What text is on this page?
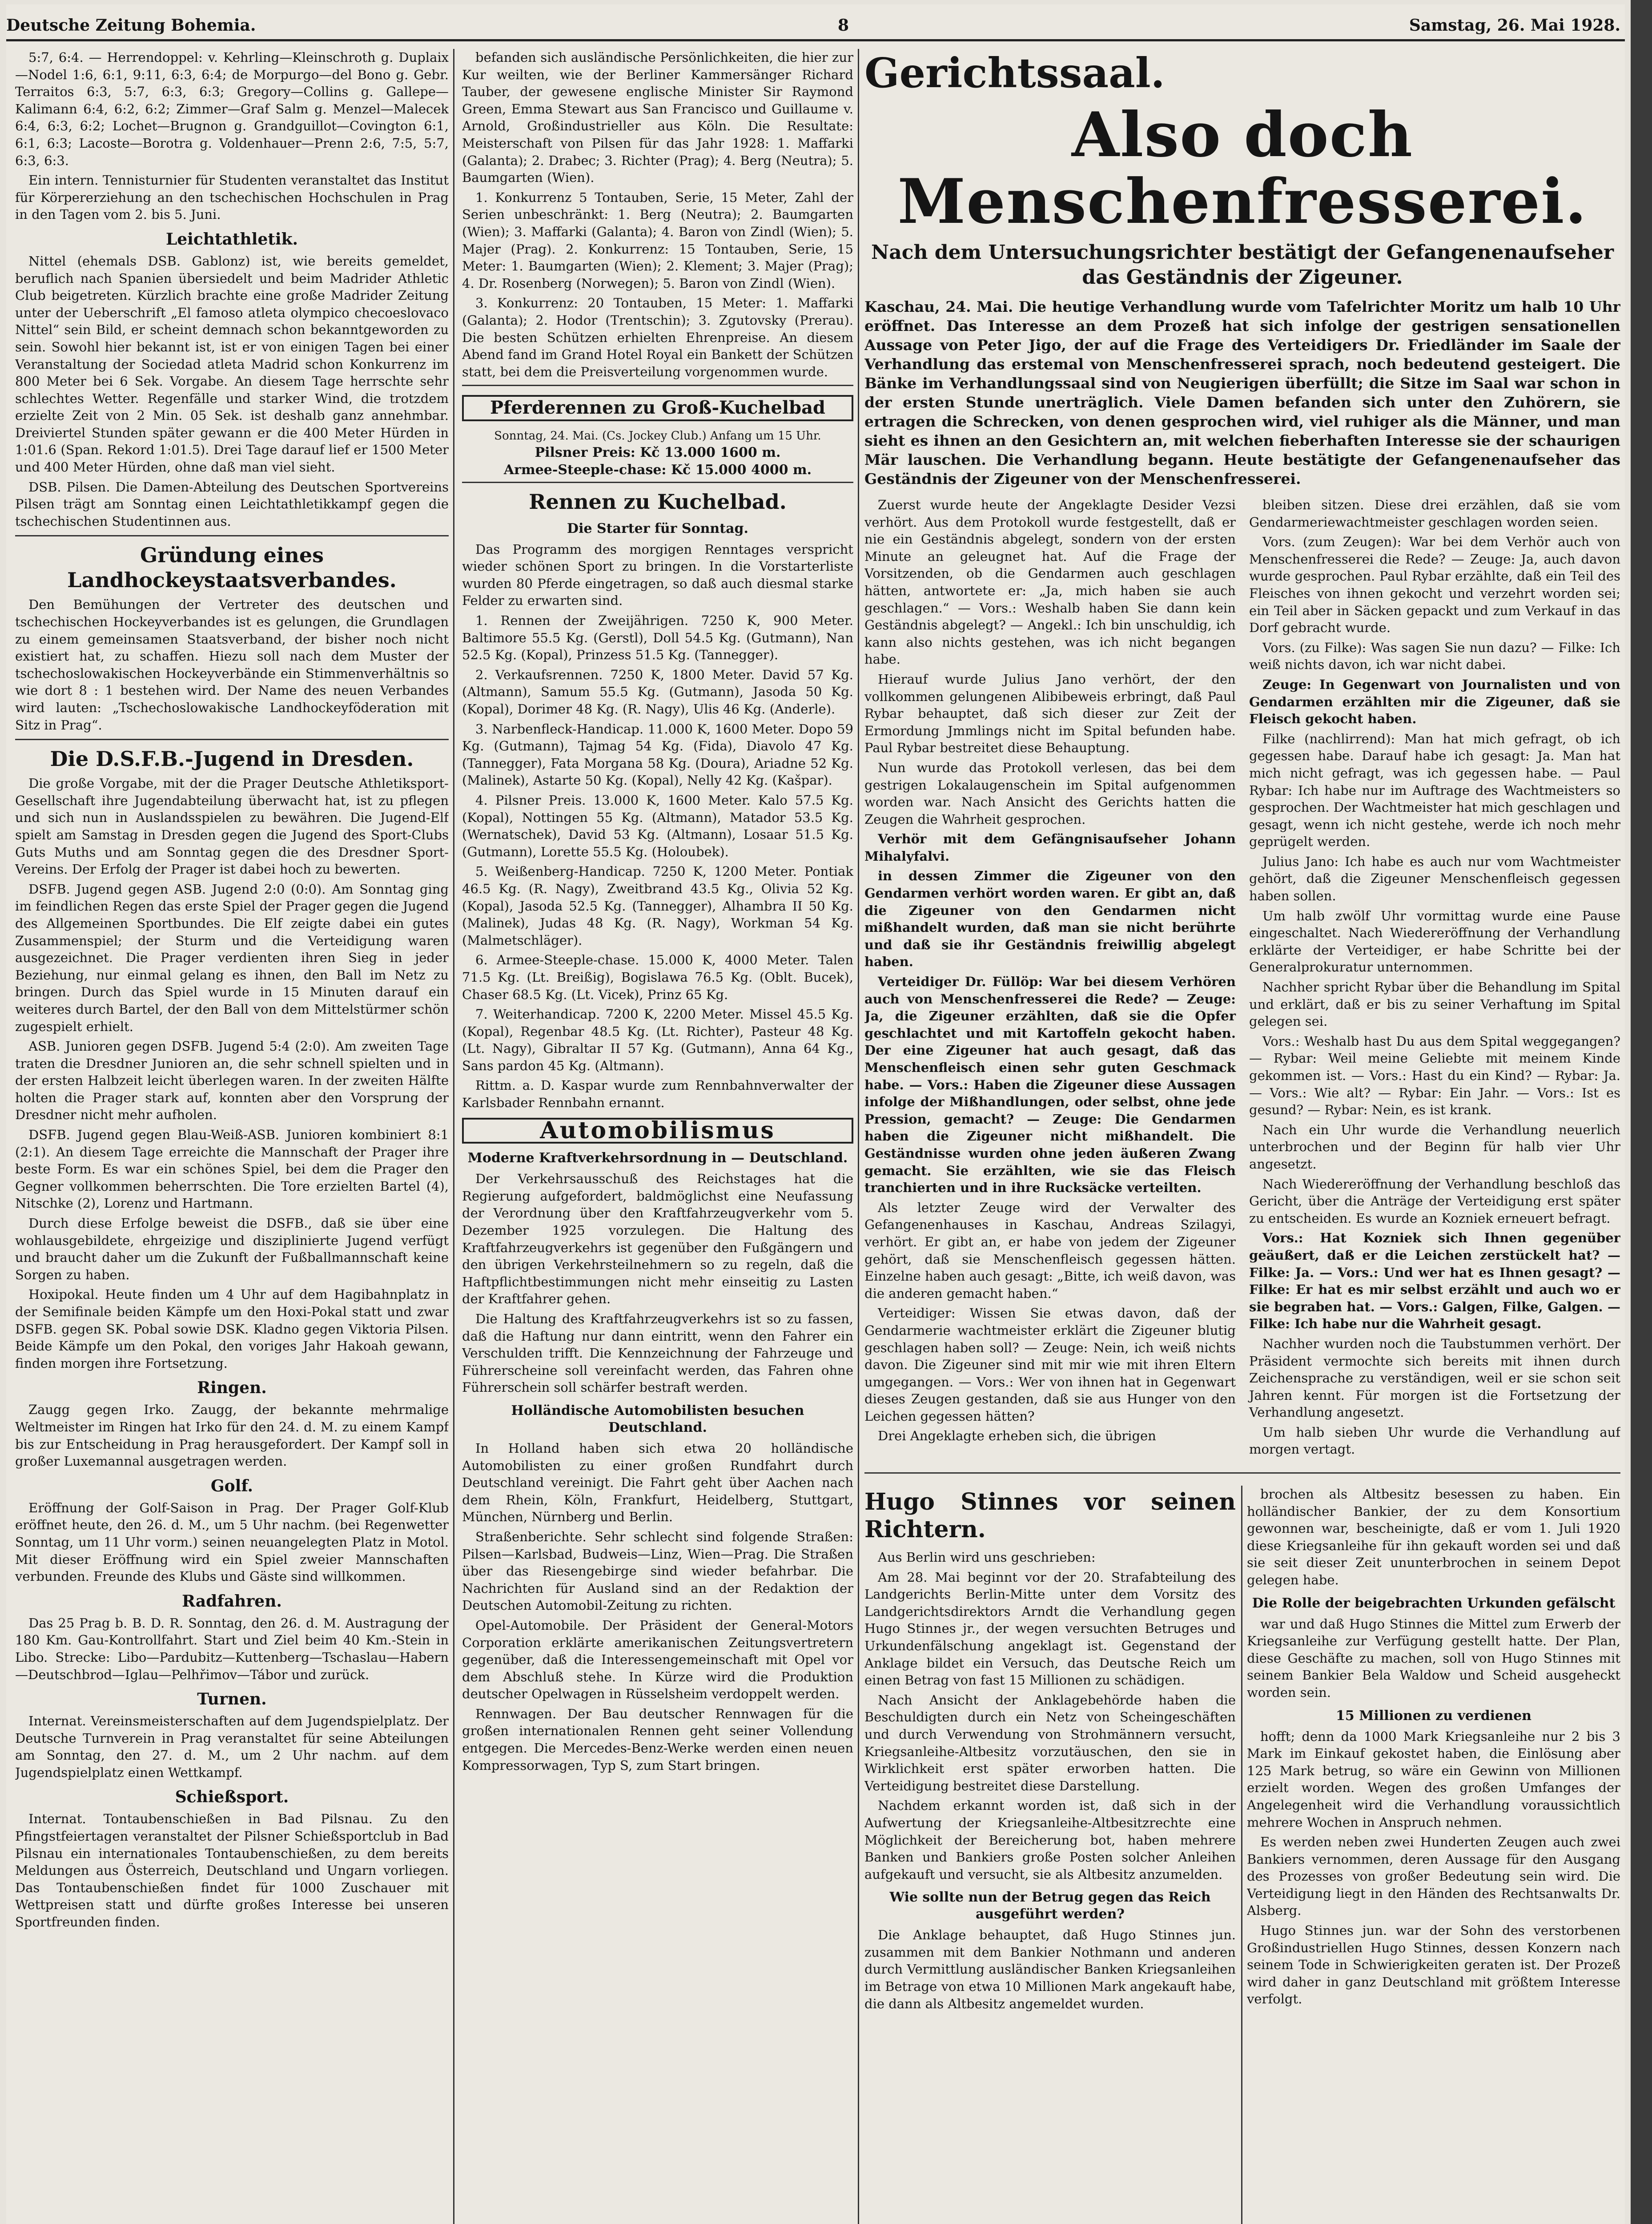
Deutsche Zeitung Bohemia.	8	Samstag, 26. Mai 1928.

5:7, 6:4. — Herrendoppel: v. Kehrling—Kleinschroth g. Duplaix—Nodel 1:6, 6:1, 9:11, 6:3, 6:4; de Morpurgo—del Bono g. Gebr. Terraitos 6:3, 5:7, 6:3, 6:3; Gregory—Collins g. Gallepe—Kalimann 6:4, 6:2, 6:2; Zimmer—Graf Salm g. Menzel—Malecek 6:4, 6:3, 6:2; Lochet—Brugnon g. Grandguillot—Covington 6:1, 6:1, 6:3; Lacoste—Borotra g. Voldenhauer—Prenn 2:6, 7:5, 5:7, 6:3, 6:3.

Ein intern. Tennisturnier für Studenten veranstaltet das Institut für Körpererziehung an den tschechischen Hochschulen in Prag in den Tagen vom 2. bis 5. Juni.

Leichtathletik.

Nittel (ehemals DSB. Gablonz) ist, wie bereits gemeldet, beruflich nach Spanien übersiedelt und beim Madrider Athletic Club beigetreten. Kürzlich brachte eine große Madrider Zeitung unter der Ueberschrift „El famoso atleta olympico checoeslovaco Nittel“ sein Bild, er scheint demnach schon bekanntgeworden zu sein. Sowohl hier bekannt ist, ist er von einigen Tagen bei einer Veranstaltung der Sociedad atleta Madrid schon Konkurrenz im 800 Meter bei 6 Sek. Vorgabe. An diesem Tage herrschte sehr schlechtes Wetter. Regenfälle und starker Wind, die trotzdem erzielte Zeit von 2 Min. 05 Sek. ist deshalb ganz annehmbar. Dreiviertel Stunden später gewann er die 400 Meter Hürden in 1:01.6 (Span. Rekord 1:01.5). Drei Tage darauf lief er 1500 Meter und 400 Meter Hürden, ohne daß man viel sieht.

DSB. Pilsen. Die Damen-Abteilung des Deutschen Sportvereins Pilsen trägt am Sonntag einen Leichtathletikkampf gegen die tschechischen Studentinnen aus.

Gründung eines Landhockeystaatsverbandes.

Den Bemühungen der Vertreter des deutschen und tschechischen Hockeyverbandes ist es gelungen, die Grundlagen zu einem gemeinsamen Staatsverband, der bisher noch nicht existiert hat, zu schaffen. Hiezu soll nach dem Muster der tschechoslowakischen Hockeyverbände ein Stimmenverhältnis so wie dort 8 : 1 bestehen wird. Der Name des neuen Verbandes wird lauten: „Tschechoslowakische Landhockeyföderation mit Sitz in Prag“.

Die D.S.F.B.-Jugend in Dresden.

Die große Vorgabe, mit der die Prager Deutsche Athletiksport-Gesellschaft ihre Jugendabteilung überwacht hat, ist zu pflegen und sich nun in Auslandsspielen zu bewähren. Die Jugend-Elf spielt am Samstag in Dresden gegen die Jugend des Sport-Clubs Guts Muths und am Sonntag gegen die des Dresdner Sport-Vereins. Der Erfolg der Prager ist dabei hoch zu bewerten.

DSFB. Jugend gegen ASB. Jugend 2:0 (0:0). Am Sonntag ging im feindlichen Regen das erste Spiel der Prager gegen die Jugend des Allgemeinen Sportbundes. Die Elf zeigte dabei ein gutes Zusammenspiel; der Sturm und die Verteidigung waren ausgezeichnet. Die Prager verdienten ihren Sieg in jeder Beziehung, nur einmal gelang es ihnen, den Ball im Netz zu bringen. Durch das Spiel wurde in 15 Minuten darauf ein weiteres durch Bartel, der den Ball von dem Mittelstürmer schön zugespielt erhielt.

ASB. Junioren gegen DSFB. Jugend 5:4 (2:0). Am zweiten Tage traten die Dresdner Junioren an, die sehr schnell spielten und in der ersten Halbzeit leicht überlegen waren. In der zweiten Hälfte holten die Prager stark auf, konnten aber den Vorsprung der Dresdner nicht mehr aufholen.

DSFB. Jugend gegen Blau-Weiß-ASB. Junioren kombiniert 8:1 (2:1). An diesem Tage erreichte die Mannschaft der Prager ihre beste Form. Es war ein schönes Spiel, bei dem die Prager den Gegner vollkommen beherrschten. Die Tore erzielten Bartel (4), Nitschke (2), Lorenz und Hartmann.

Durch diese Erfolge beweist die DSFB., daß sie über eine wohlausgebildete, ehrgeizige und disziplinierte Jugend verfügt und braucht daher um die Zukunft der Fußballmannschaft keine Sorgen zu haben.

Hoxipokal. Heute finden um 4 Uhr auf dem Hagibahnplatz in der Semifinale beiden Kämpfe um den Hoxi-Pokal statt und zwar DSFB. gegen SK. Pobal sowie DSK. Kladno gegen Viktoria Pilsen. Beide Kämpfe um den Pokal, den voriges Jahr Hakoah gewann, finden morgen ihre Fortsetzung.

Ringen.

Zaugg gegen Irko. Zaugg, der bekannte mehrmalige Weltmeister im Ringen hat Irko für den 24. d. M. zu einem Kampf bis zur Entscheidung in Prag herausgefordert. Der Kampf soll in großer Luxemannal ausgetragen werden.

Golf.

Eröffnung der Golf-Saison in Prag. Der Prager Golf-Klub eröffnet heute, den 26. d. M., um 5 Uhr nachm. (bei Regenwetter Sonntag, um 11 Uhr vorm.) seinen neuangelegten Platz in Motol. Mit dieser Eröffnung wird ein Spiel zweier Mannschaften verbunden. Freunde des Klubs und Gäste sind willkommen.

Radfahren.

Das 25 Prag b. B. D. R. Sonntag, den 26. d. M. Austragung der 180 Km. Gau-Kontrollfahrt. Start und Ziel beim 40 Km.-Stein in Libo. Strecke: Libo—Pardubitz—Kuttenberg—Tschaslau—Habern—Deutschbrod—Iglau—Pelhřimov—Tábor und zurück.

Turnen.

Internat. Vereinsmeisterschaften auf dem Jugendspielplatz. Der Deutsche Turnverein in Prag veranstaltet für seine Abteilungen am Sonntag, den 27. d. M., um 2 Uhr nachm. auf dem Jugendspielplatz einen Wettkampf.

Schießsport.

Internat. Tontaubenschießen in Bad Pilsnau. Zu den Pfingstfeiertagen veranstaltet der Pilsner Schießsportclub in Bad Pilsnau ein internationales Tontaubenschießen, zu dem bereits Meldungen aus Österreich, Deutschland und Ungarn vorliegen. Das Tontaubenschießen findet für 1000 Zuschauer mit Wettpreisen statt und dürfte großes Interesse bei unseren Sportfreunden finden.

befanden sich ausländische Persönlichkeiten, die hier zur Kur weilten, wie der Berliner Kammersänger Richard Tauber, der gewesene englische Minister Sir Raymond Green, Emma Stewart aus San Francisco und Guillaume v. Arnold, Großindustrieller aus Köln. Die Resultate: Meisterschaft von Pilsen für das Jahr 1928: 1. Maffarki (Galanta); 2. Drabec; 3. Richter (Prag); 4. Berg (Neutra); 5. Baumgarten (Wien).

1. Konkurrenz 5 Tontauben, Serie, 15 Meter, Zahl der Serien unbeschränkt: 1. Berg (Neutra); 2. Baumgarten (Wien); 3. Maffarki (Galanta); 4. Baron von Zindl (Wien); 5. Majer (Prag). 2. Konkurrenz: 15 Tontauben, Serie, 15 Meter: 1. Baumgarten (Wien); 2. Klement; 3. Majer (Prag); 4. Dr. Rosenberg (Norwegen); 5. Baron von Zindl (Wien).

3. Konkurrenz: 20 Tontauben, 15 Meter: 1. Maffarki (Galanta); 2. Hodor (Trentschin); 3. Zgutovsky (Prerau). Die besten Schützen erhielten Ehrenpreise. An diesem Abend fand im Grand Hotel Royal ein Bankett der Schützen statt, bei dem die Preisverteilung vorgenommen wurde.

Pferderennen zu Groß-Kuchelbad
Sonntag, 24. Mai. (Cs. Jockey Club.) Anfang um 15 Uhr.
Pilsner Preis: Kč 13.000 1600 m.
Armee-Steeple-chase: Kč 15.000 4000 m.
Rennen zu Kuchelbad.
Die Starter für Sonntag.

Das Programm des morgigen Renntages verspricht wieder schönen Sport zu bringen. In die Vorstarterliste wurden 80 Pferde eingetragen, so daß auch diesmal starke Felder zu erwarten sind.

1. Rennen der Zweijährigen. 7250 K, 900 Meter. Baltimore 55.5 Kg. (Gerstl), Doll 54.5 Kg. (Gutmann), Nan 52.5 Kg. (Kopal), Prinzess 51.5 Kg. (Tannegger).

2. Verkaufsrennen. 7250 K, 1800 Meter. David 57 Kg. (Altmann), Samum 55.5 Kg. (Gutmann), Jasoda 50 Kg. (Kopal), Dorimer 48 Kg. (R. Nagy), Ulis 46 Kg. (Anderle).

3. Narbenfleck-Handicap. 11.000 K, 1600 Meter. Dopo 59 Kg. (Gutmann), Tajmag 54 Kg. (Fida), Diavolo 47 Kg. (Tannegger), Fata Morgana 58 Kg. (Doura), Ariadne 52 Kg. (Malinek), Astarte 50 Kg. (Kopal), Nelly 42 Kg. (Kašpar).

4. Pilsner Preis. 13.000 K, 1600 Meter. Kalo 57.5 Kg. (Kopal), Nottingen 55 Kg. (Altmann), Matador 53.5 Kg. (Wernatschek), David 53 Kg. (Altmann), Losaar 51.5 Kg. (Gutmann), Lorette 55.5 Kg. (Holoubek).

5. Weißenberg-Handicap. 7250 K, 1200 Meter. Pontiak 46.5 Kg. (R. Nagy), Zweitbrand 43.5 Kg., Olivia 52 Kg. (Kopal), Jasoda 52.5 Kg. (Tannegger), Alhambra II 50 Kg. (Malinek), Judas 48 Kg. (R. Nagy), Workman 54 Kg. (Malmetschläger).

6. Armee-Steeple-chase. 15.000 K, 4000 Meter. Talen 71.5 Kg. (Lt. Breißig), Bogislawa 76.5 Kg. (Oblt. Bucek), Chaser 68.5 Kg. (Lt. Vicek), Prinz 65 Kg.

7. Weiterhandicap. 7200 K, 2200 Meter. Missel 45.5 Kg. (Kopal), Regenbar 48.5 Kg. (Lt. Richter), Pasteur 48 Kg. (Lt. Nagy), Gibraltar II 57 Kg. (Gutmann), Anna 64 Kg., Sans pardon 45 Kg. (Altmann).

Rittm. a. D. Kaspar wurde zum Rennbahnverwalter der Karlsbader Rennbahn ernannt.

Automobilismus
Moderne Kraftverkehrsordnung in — Deutschland.

Der Verkehrsausschuß des Reichstages hat die Regierung aufgefordert, baldmöglichst eine Neufassung der Verordnung über den Kraftfahrzeugverkehr vom 5. Dezember 1925 vorzulegen. Die Haltung des Kraftfahrzeugverkehrs ist gegenüber den Fußgängern und den übrigen Verkehrsteilnehmern so zu regeln, daß die Haftpflichtbestimmungen nicht mehr einseitig zu Lasten der Kraftfahrer gehen.

Die Haltung des Kraftfahrzeugverkehrs ist so zu fassen, daß die Haftung nur dann eintritt, wenn den Fahrer ein Verschulden trifft. Die Kennzeichnung der Fahrzeuge und Führerscheine soll vereinfacht werden, das Fahren ohne Führerschein soll schärfer bestraft werden.

Holländische Automobilisten besuchen Deutschland.

In Holland haben sich etwa 20 holländische Automobilisten zu einer großen Rundfahrt durch Deutschland vereinigt. Die Fahrt geht über Aachen nach dem Rhein, Köln, Frankfurt, Heidelberg, Stuttgart, München, Nürnberg und Berlin.

Straßenberichte. Sehr schlecht sind folgende Straßen: Pilsen—Karlsbad, Budweis—Linz, Wien—Prag. Die Straßen über das Riesengebirge sind wieder befahrbar. Die Nachrichten für Ausland sind an der Redaktion der Deutschen Automobil-Zeitung zu richten.

Opel-Automobile. Der Präsident der General-Motors Corporation erklärte amerikanischen Zeitungsvertretern gegenüber, daß die Interessengemeinschaft mit Opel vor dem Abschluß stehe. In Kürze wird die Produktion deutscher Opelwagen in Rüsselsheim verdoppelt werden.

Rennwagen. Der Bau deutscher Rennwagen für die großen internationalen Rennen geht seiner Vollendung entgegen. Die Mercedes-Benz-Werke werden einen neuen Kompressorwagen, Typ S, zum Start bringen.

Gerichtssaal.
Also doch Menschenfresserei.
Nach dem Untersuchungsrichter bestätigt der Gefangenenaufseher das Geständnis der Zigeuner.
Kaschau, 24. Mai. Die heutige Verhandlung wurde vom Tafelrichter Moritz um halb 10 Uhr eröffnet. Das Interesse an dem Prozeß hat sich infolge der gestrigen sensationellen Aussage von Peter Jigo, der auf die Frage des Verteidigers Dr. Friedländer im Saale der Verhandlung das erstemal von Menschenfresserei sprach, noch bedeutend gesteigert. Die Bänke im Verhandlungssaal sind von Neugierigen überfüllt; die Sitze im Saal war schon in der ersten Stunde unerträglich. Viele Damen befanden sich unter den Zuhörern, sie ertragen die Schrecken, von denen gesprochen wird, viel ruhiger als die Männer, und man sieht es ihnen an den Gesichtern an, mit welchen fieberhaften Interesse sie der schaurigen Mär lauschen. Die Verhandlung begann. Heute bestätigte der Gefangenenaufseher das Geständnis der Zigeuner von der Menschenfresserei.

Zuerst wurde heute der Angeklagte Desider Vezsi verhört. Aus dem Protokoll wurde festgestellt, daß er nie ein Geständnis abgelegt, sondern von der ersten Minute an geleugnet hat. Auf die Frage der Vorsitzenden, ob die Gendarmen auch geschlagen hätten, antwortete er: „Ja, mich haben sie auch geschlagen.“ — Vors.: Weshalb haben Sie dann kein Geständnis abgelegt? — Angekl.: Ich bin unschuldig, ich kann also nichts gestehen, was ich nicht begangen habe.

Hierauf wurde Julius Jano verhört, der den vollkommen gelungenen Alibibeweis erbringt, daß Paul Rybar behauptet, daß sich dieser zur Zeit der Ermordung Jmmlings nicht im Spital befunden habe. Paul Rybar bestreitet diese Behauptung.

Nun wurde das Protokoll verlesen, das bei dem gestrigen Lokalaugenschein im Spital aufgenommen worden war. Nach Ansicht des Gerichts hatten die Zeugen die Wahrheit gesprochen.

Verhör mit dem Gefängnisaufseher Johann Mihalyfalvi.

in dessen Zimmer die Zigeuner von den Gendarmen verhört worden waren. Er gibt an, daß die Zigeuner von den Gendarmen nicht mißhandelt wurden, daß man sie nicht berührte und daß sie ihr Geständnis freiwillig abgelegt haben.

Verteidiger Dr. Füllöp: War bei diesem Verhören auch von Menschenfresserei die Rede? — Zeuge: Ja, die Zigeuner erzählten, daß sie die Opfer geschlachtet und mit Kartoffeln gekocht haben. Der eine Zigeuner hat auch gesagt, daß das Menschenfleisch einen sehr guten Geschmack habe. — Vors.: Haben die Zigeuner diese Aussagen infolge der Mißhandlungen, oder selbst, ohne jede Pression, gemacht? — Zeuge: Die Gendarmen haben die Zigeuner nicht mißhandelt. Die Geständnisse wurden ohne jeden äußeren Zwang gemacht. Sie erzählten, wie sie das Fleisch tranchierten und in ihre Rucksäcke verteilten.

Als letzter Zeuge wird der Verwalter des Gefangenenhauses in Kaschau, Andreas Szilagyi, verhört. Er gibt an, er habe von jedem der Zigeuner gehört, daß sie Menschenfleisch gegessen hätten. Einzelne haben auch gesagt: „Bitte, ich weiß davon, was die anderen gemacht haben.“

Verteidiger: Wissen Sie etwas davon, daß der Gendarmerie wachtmeister erklärt die Zigeuner blutig geschlagen haben soll? — Zeuge: Nein, ich weiß nichts davon. Die Zigeuner sind mit mir wie mit ihren Eltern umgegangen. — Vors.: Wer von ihnen hat in Gegenwart dieses Zeugen gestanden, daß sie aus Hunger von den Leichen gegessen hätten?

Drei Angeklagte erheben sich, die übrigen

bleiben sitzen. Diese drei erzählen, daß sie vom Gendarmeriewachtmeister geschlagen worden seien.

Vors. (zum Zeugen): War bei dem Verhör auch von Menschenfresserei die Rede? — Zeuge: Ja, auch davon wurde gesprochen. Paul Rybar erzählte, daß ein Teil des Fleisches von ihnen gekocht und verzehrt worden sei; ein Teil aber in Säcken gepackt und zum Verkauf in das Dorf gebracht wurde.

Vors. (zu Filke): Was sagen Sie nun dazu? — Filke: Ich weiß nichts davon, ich war nicht dabei.

Zeuge: In Gegenwart von Journalisten und von Gendarmen erzählten mir die Zigeuner, daß sie Fleisch gekocht haben.

Filke (nachlirrend): Man hat mich gefragt, ob ich gegessen habe. Darauf habe ich gesagt: Ja. Man hat mich nicht gefragt, was ich gegessen habe. — Paul Rybar: Ich habe nur im Auftrage des Wachtmeisters so gesprochen. Der Wachtmeister hat mich geschlagen und gesagt, wenn ich nicht gestehe, werde ich noch mehr geprügelt werden.

Julius Jano: Ich habe es auch nur vom Wachtmeister gehört, daß die Zigeuner Menschenfleisch gegessen haben sollen.

Um halb zwölf Uhr vormittag wurde eine Pause eingeschaltet. Nach Wiedereröffnung der Verhandlung erklärte der Verteidiger, er habe Schritte bei der Generalprokuratur unternommen.

Nachher spricht Rybar über die Behandlung im Spital und erklärt, daß er bis zu seiner Verhaftung im Spital gelegen sei.

Vors.: Weshalb hast Du aus dem Spital weggegangen? — Rybar: Weil meine Geliebte mit meinem Kinde gekommen ist. — Vors.: Hast du ein Kind? — Rybar: Ja. — Vors.: Wie alt? — Rybar: Ein Jahr. — Vors.: Ist es gesund? — Rybar: Nein, es ist krank.

Nach ein Uhr wurde die Verhandlung neuerlich unterbrochen und der Beginn für halb vier Uhr angesetzt.

Nach Wiedereröffnung der Verhandlung beschloß das Gericht, über die Anträge der Verteidigung erst später zu entscheiden. Es wurde an Kozniek erneuert befragt.

Vors.: Hat Kozniek sich Ihnen gegenüber geäußert, daß er die Leichen zerstückelt hat? — Filke: Ja. — Vors.: Und wer hat es Ihnen gesagt? — Filke: Er hat es mir selbst erzählt und auch wo er sie begraben hat. — Vors.: Galgen, Filke, Galgen. — Filke: Ich habe nur die Wahrheit gesagt.

Nachher wurden noch die Taubstummen verhört. Der Präsident vermochte sich bereits mit ihnen durch Zeichensprache zu verständigen, weil er sie schon seit Jahren kennt. Für morgen ist die Fortsetzung der Verhandlung angesetzt.

Um halb sieben Uhr wurde die Verhandlung auf morgen vertagt.

Hugo Stinnes vor seinen Richtern.

Aus Berlin wird uns geschrieben:

Am 28. Mai beginnt vor der 20. Strafabteilung des Landgerichts Berlin-Mitte unter dem Vorsitz des Landgerichtsdirektors Arndt die Verhandlung gegen Hugo Stinnes jr., der wegen versuchten Betruges und Urkundenfälschung angeklagt ist. Gegenstand der Anklage bildet ein Versuch, das Deutsche Reich um einen Betrag von fast 15 Millionen zu schädigen.

Nach Ansicht der Anklagebehörde haben die Beschuldigten durch ein Netz von Scheingeschäften und durch Verwendung von Strohmännern versucht, Kriegsanleihe-Altbesitz vorzutäuschen, den sie in Wirklichkeit erst später erworben hatten. Die Verteidigung bestreitet diese Darstellung.

Nachdem erkannt worden ist, daß sich in der Aufwertung der Kriegsanleihe-Altbesitzrechte eine Möglichkeit der Bereicherung bot, haben mehrere Banken und Bankiers große Posten solcher Anleihen aufgekauft und versucht, sie als Altbesitz anzumelden.

Wie sollte nun der Betrug gegen das Reich ausgeführt werden?

Die Anklage behauptet, daß Hugo Stinnes jun. zusammen mit dem Bankier Nothmann und anderen durch Vermittlung ausländischer Banken Kriegsanleihen im Betrage von etwa 10 Millionen Mark angekauft habe, die dann als Altbesitz angemeldet wurden.

brochen als Altbesitz besessen zu haben. Ein holländischer Bankier, der zu dem Konsortium gewonnen war, bescheinigte, daß er vom 1. Juli 1920 diese Kriegsanleihe für ihn gekauft worden sei und daß sie seit dieser Zeit ununterbrochen in seinem Depot gelegen habe.

Die Rolle der beigebrachten Urkunden gefälscht

war und daß Hugo Stinnes die Mittel zum Erwerb der Kriegsanleihe zur Verfügung gestellt hatte. Der Plan, diese Geschäfte zu machen, soll von Hugo Stinnes mit seinem Bankier Bela Waldow und Scheid ausgeheckt worden sein.

15 Millionen zu verdienen

hofft; denn da 1000 Mark Kriegsanleihe nur 2 bis 3 Mark im Einkauf gekostet haben, die Einlösung aber 125 Mark betrug, so wäre ein Gewinn von Millionen erzielt worden. Wegen des großen Umfanges der Angelegenheit wird die Verhandlung voraussichtlich mehrere Wochen in Anspruch nehmen.

Es werden neben zwei Hunderten Zeugen auch zwei Bankiers vernommen, deren Aussage für den Ausgang des Prozesses von großer Bedeutung sein wird. Die Verteidigung liegt in den Händen des Rechtsanwalts Dr. Alsberg.

Hugo Stinnes jun. war der Sohn des verstorbenen Großindustriellen Hugo Stinnes, dessen Konzern nach seinem Tode in Schwierigkeiten geraten ist. Der Prozeß wird daher in ganz Deutschland mit größtem Interesse verfolgt.
